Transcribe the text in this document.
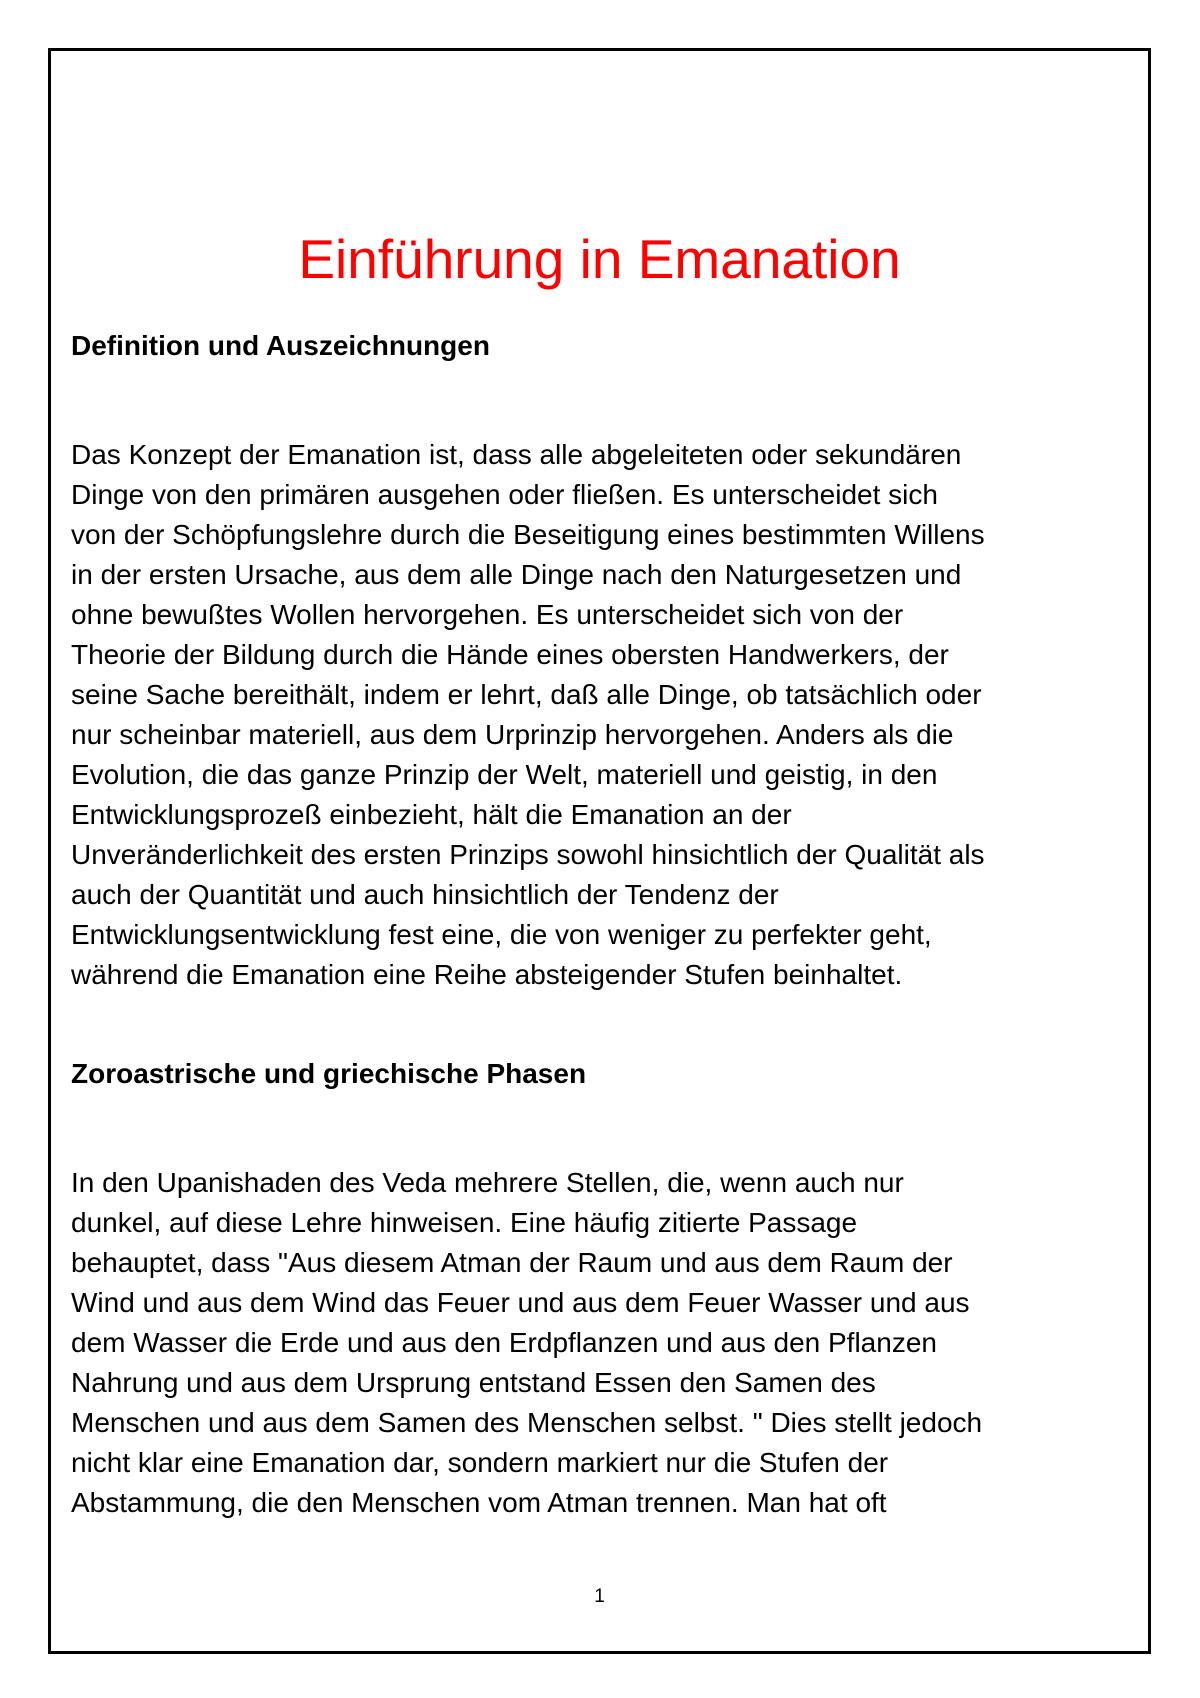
Einführung in Emanation
Definition und Auszeichnungen

Das Konzept der Emanation ist, dass alle abgeleiteten oder sekundären
Dinge von den primären ausgehen oder fließen. Es unterscheidet sich
von der Schöpfungslehre durch die Beseitigung eines bestimmten Willens
in der ersten Ursache, aus dem alle Dinge nach den Naturgesetzen und
ohne bewußtes Wollen hervorgehen. Es unterscheidet sich von der
Theorie der Bildung durch die Hände eines obersten Handwerkers, der
seine Sache bereithält, indem er lehrt, daß alle Dinge, ob tatsächlich oder
nur scheinbar materiell, aus dem Urprinzip hervorgehen. Anders als die
Evolution, die das ganze Prinzip der Welt, materiell und geistig, in den
Entwicklungsprozeß einbezieht, hält die Emanation an der
Unveränderlichkeit des ersten Prinzips sowohl hinsichtlich der Qualität als
auch der Quantität und auch hinsichtlich der Tendenz der
Entwicklungsentwicklung fest eine, die von weniger zu perfekter geht,
während die Emanation eine Reihe absteigender Stufen beinhaltet.

Zoroastrische und griechische Phasen

In den Upanishaden des Veda mehrere Stellen, die, wenn auch nur
dunkel, auf diese Lehre hinweisen. Eine häufig zitierte Passage
behauptet, dass "Aus diesem Atman der Raum und aus dem Raum der
Wind und aus dem Wind das Feuer und aus dem Feuer Wasser und aus
dem Wasser die Erde und aus den Erdpflanzen und aus den Pflanzen
Nahrung und aus dem Ursprung entstand Essen den Samen des
Menschen und aus dem Samen des Menschen selbst. " Dies stellt jedoch
nicht klar eine Emanation dar, sondern markiert nur die Stufen der
Abstammung, die den Menschen vom Atman trennen. Man hat oft

1
